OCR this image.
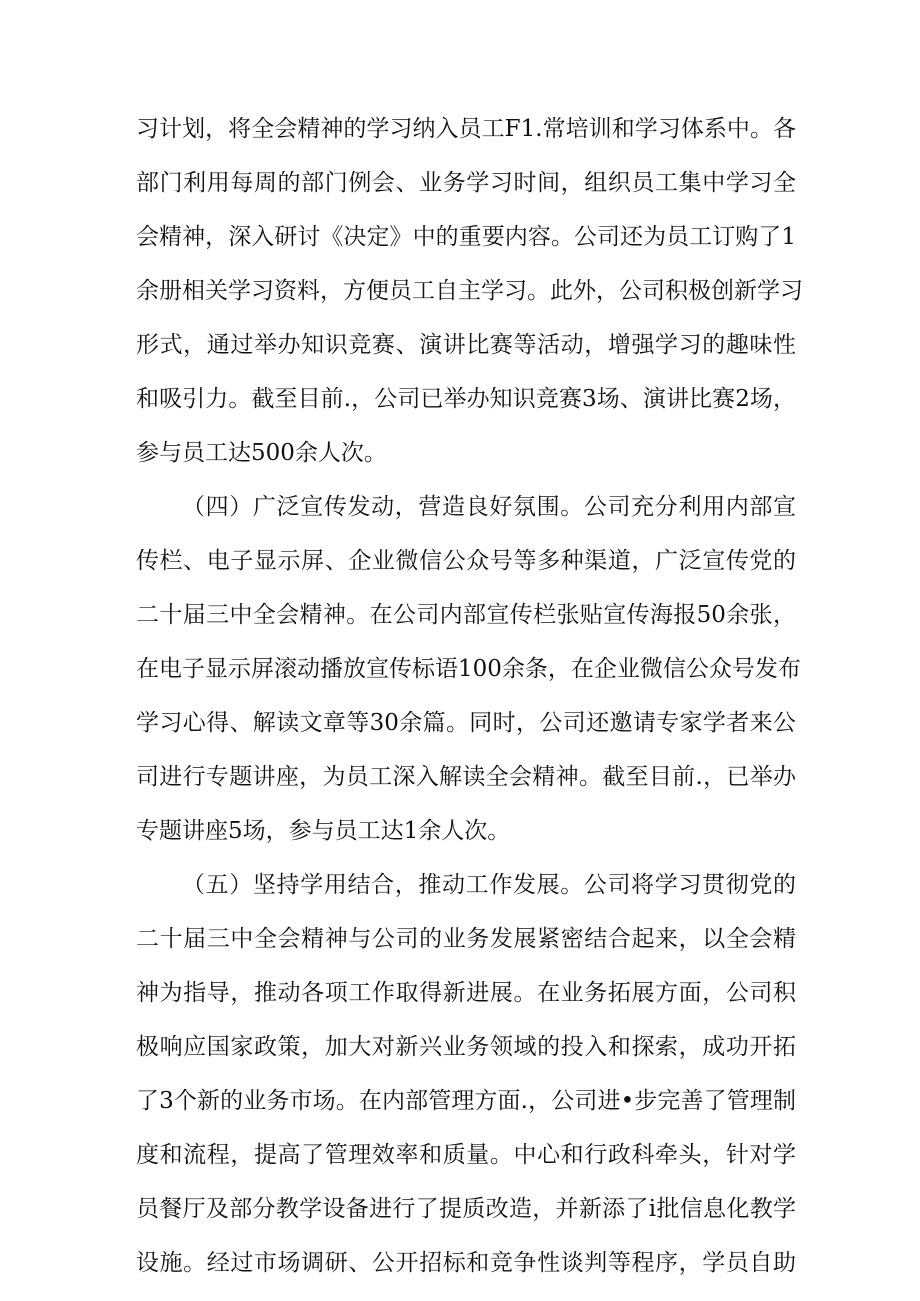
习计划，将全会精神的学习纳入员工F1.常培训和学习体系中。各
部门利用每周的部门例会、业务学习时间，组织员工集中学习全
会精神，深入研讨《决定》中的重要内容。公司还为员工订购了1
余册相关学习资料，方便员工自主学习。此外，公司积极创新学习
形式，通过举办知识竞赛、演讲比赛等活动，增强学习的趣味性
和吸引力。截至目前.，公司已举办知识竞赛3场、演讲比赛2场，
参与员工达500余人次。
（四）广泛宣传发动，营造良好氛围。公司充分利用内部宣
传栏、电子显示屏、企业微信公众号等多种渠道，广泛宣传党的
二十届三中全会精神。在公司内部宣传栏张贴宣传海报50余张，
在电子显示屏滚动播放宣传标语100余条，在企业微信公众号发布
学习心得、解读文章等30余篇。同时，公司还邀请专家学者来公
司进行专题讲座，为员工深入解读全会精神。截至目前.，已举办
专题讲座5场，参与员工达1余人次。
（五）坚持学用结合，推动工作发展。公司将学习贯彻党的
二十届三中全会精神与公司的业务发展紧密结合起来，以全会精
神为指导，推动各项工作取得新进展。在业务拓展方面，公司积
极响应国家政策，加大对新兴业务领域的投入和探索，成功开拓
了3个新的业务市场。在内部管理方面.，公司进•步完善了管理制
度和流程，提高了管理效率和质量。中心和行政科牵头，针对学
员餐厅及部分教学设备进行了提质改造，并新添了i批信息化教学
设施。经过市场调研、公开招标和竞争性谈判等程序，学员自助
